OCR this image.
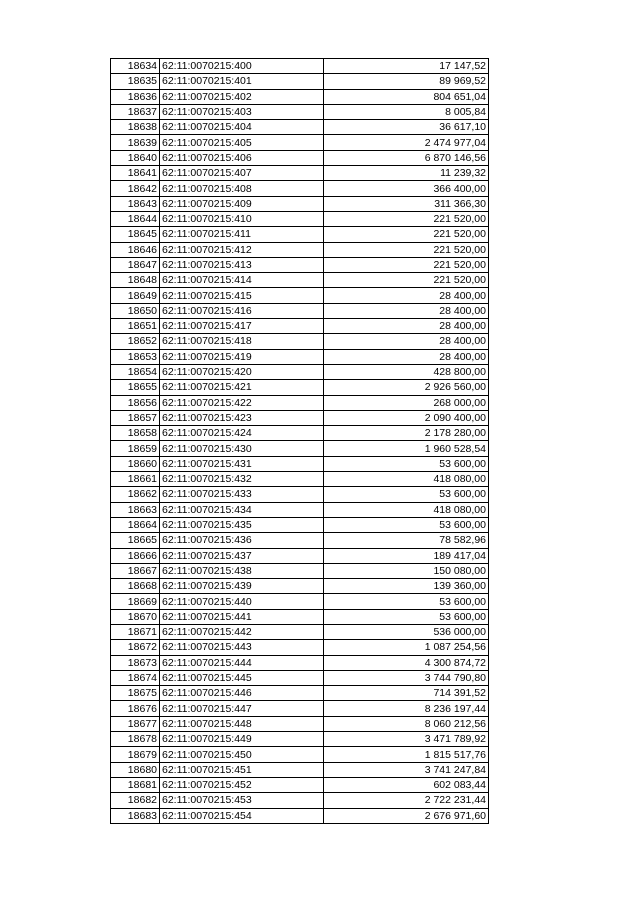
18634	62:11:0070215:400	17 147,52
18635	62:11:0070215:401	89 969,52
18636	62:11:0070215:402	804 651,04
18637	62:11:0070215:403	8 005,84
18638	62:11:0070215:404	36 617,10
18639	62:11:0070215:405	2 474 977,04
18640	62:11:0070215:406	6 870 146,56
18641	62:11:0070215:407	11 239,32
18642	62:11:0070215:408	366 400,00
18643	62:11:0070215:409	311 366,30
18644	62:11:0070215:410	221 520,00
18645	62:11:0070215:411	221 520,00
18646	62:11:0070215:412	221 520,00
18647	62:11:0070215:413	221 520,00
18648	62:11:0070215:414	221 520,00
18649	62:11:0070215:415	28 400,00
18650	62:11:0070215:416	28 400,00
18651	62:11:0070215:417	28 400,00
18652	62:11:0070215:418	28 400,00
18653	62:11:0070215:419	28 400,00
18654	62:11:0070215:420	428 800,00
18655	62:11:0070215:421	2 926 560,00
18656	62:11:0070215:422	268 000,00
18657	62:11:0070215:423	2 090 400,00
18658	62:11:0070215:424	2 178 280,00
18659	62:11:0070215:430	1 960 528,54
18660	62:11:0070215:431	53 600,00
18661	62:11:0070215:432	418 080,00
18662	62:11:0070215:433	53 600,00
18663	62:11:0070215:434	418 080,00
18664	62:11:0070215:435	53 600,00
18665	62:11:0070215:436	78 582,96
18666	62:11:0070215:437	189 417,04
18667	62:11:0070215:438	150 080,00
18668	62:11:0070215:439	139 360,00
18669	62:11:0070215:440	53 600,00
18670	62:11:0070215:441	53 600,00
18671	62:11:0070215:442	536 000,00
18672	62:11:0070215:443	1 087 254,56
18673	62:11:0070215:444	4 300 874,72
18674	62:11:0070215:445	3 744 790,80
18675	62:11:0070215:446	714 391,52
18676	62:11:0070215:447	8 236 197,44
18677	62:11:0070215:448	8 060 212,56
18678	62:11:0070215:449	3 471 789,92
18679	62:11:0070215:450	1 815 517,76
18680	62:11:0070215:451	3 741 247,84
18681	62:11:0070215:452	602 083,44
18682	62:11:0070215:453	2 722 231,44
18683	62:11:0070215:454	2 676 971,60
